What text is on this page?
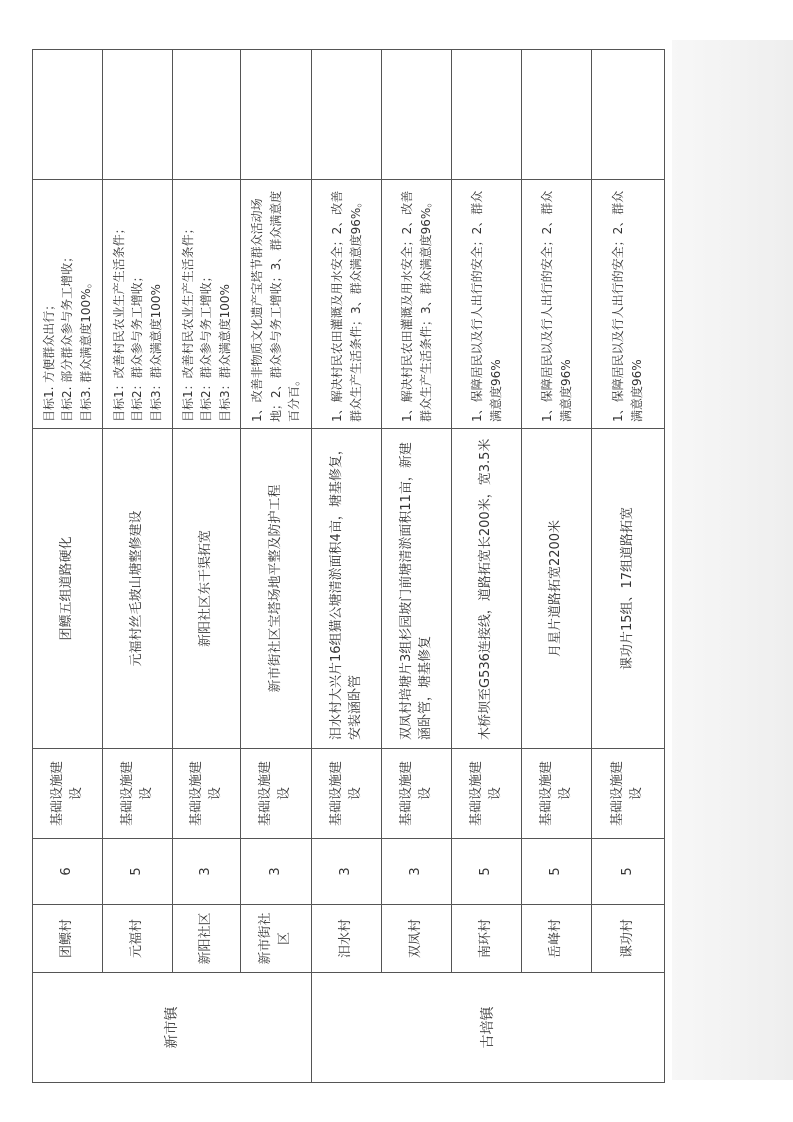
新市镇	团鳔村	6	基础设施建设	团鳔五组道路硬化	目标1. 方便群众出行； 目标2. 部分群众参与务工增收； 目标3. 群众满意度100%。	

	元福村	5	基础设施建设	元福村丝毛坡山塘整修建设	目标1：改善村民农业生产生活条件； 目标2：群众参与务工增收； 目标3：群众满意度100%	

	新阳社区	3	基础设施建设	新阳社区东干渠拓宽	目标1：改善村民农业生产生活条件； 目标2：群众参与务工增收； 目标3：群众满意度100%	

	新市街社区	3	基础设施建设	新市街社区宝塔场地平整及防护工程	1、改善非物质文化遗产宝塔节群众活动场地；2、群众参与务工增收；3、群众满意度百分百。	
古培镇	汨水村	3	基础设施建设	汨水村大兴片16组猫公塘清淤面积4亩，塘基修复，安装涵卧管	1、解决村民农田灌溉及用水安全；2、改善群众生产生活条件；3、群众满意度96%。	
	双凤村	3	基础设施建设	双凤村培塘片3组杉园坡门前塘清淤面积11亩，新建涵卧管，塘基修复	1、解决村民农田灌溉及用水安全；2、改善群众生产生活条件；3、群众满意度96%。	
	南环村	5	基础设施建设	木桥坝至G536连接线，道路拓宽长200米，宽3.5米	1、保障居民以及行人出行的安全；2、群众满意度96%	
	岳峰村	5	基础设施建设	月星片道路拓宽2200米	1、保障居民以及行人出行的安全；2、群众满意度96%	
	课功村	5	基础设施建设	课功片15组、17组道路拓宽	1、保障居民以及行人出行的安全；2、群众满意度96%	
